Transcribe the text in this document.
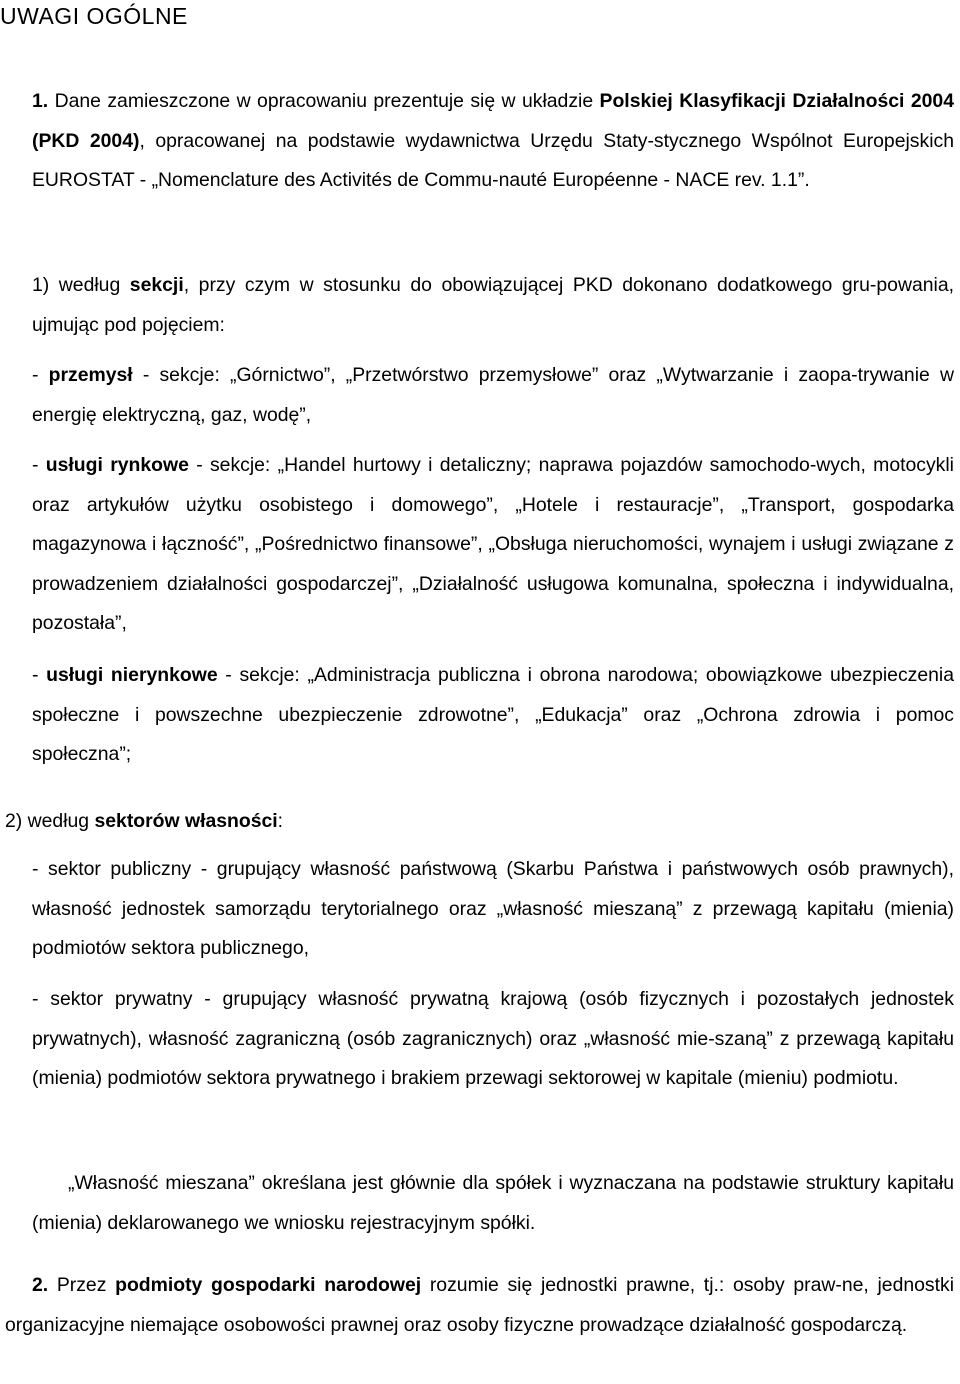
UWAGI OGÓLNE

1. Dane zamieszczone w opracowaniu prezentuje się w układzie Polskiej Klasyfikacji Działalności 2004 (PKD 2004), opracowanej na podstawie wydawnictwa Urzędu Staty-stycznego Wspólnot Europejskich EUROSTAT - „Nomenclature des Activités de Commu-nauté Européenne - NACE rev. 1.1”.

1) według sekcji, przy czym w stosunku do obowiązującej PKD dokonano dodatkowego gru-powania, ujmując pod pojęciem:

- przemysł - sekcje: „Górnictwo”, „Przetwórstwo przemysłowe” oraz „Wytwarzanie i zaopa-trywanie w energię elektryczną, gaz, wodę”,

- usługi rynkowe - sekcje: „Handel hurtowy i detaliczny; naprawa pojazdów samochodo-wych, motocykli oraz artykułów użytku osobistego i domowego”, „Hotele i restauracje”, „Transport, gospodarka magazynowa i łączność”, „Pośrednictwo finansowe”, „Obsługa nieruchomości, wynajem i usługi związane z prowadzeniem działalności gospodarczej”, „Działalność usługowa komunalna, społeczna i indywidualna, pozostała”,

- usługi nierynkowe - sekcje: „Administracja publiczna i obrona narodowa; obowiązkowe ubezpieczenia społeczne i powszechne ubezpieczenie zdrowotne”, „Edukacja” oraz „Ochrona zdrowia i pomoc społeczna”;

2) według sektorów własności:

- sektor publiczny - grupujący własność państwową (Skarbu Państwa i państwowych osób prawnych), własność jednostek samorządu terytorialnego oraz „własność mieszaną” z przewagą kapitału (mienia) podmiotów sektora publicznego,

- sektor prywatny - grupujący własność prywatną krajową (osób fizycznych i pozostałych jednostek prywatnych), własność zagraniczną (osób zagranicznych) oraz „własność mie-szaną” z przewagą kapitału (mienia) podmiotów sektora prywatnego i brakiem przewagi sektorowej w kapitale (mieniu) podmiotu.

„Własność mieszana” określana jest głównie dla spółek i wyznaczana na podstawie struktury kapitału (mienia) deklarowanego we wniosku rejestracyjnym spółki.

2. Przez podmioty gospodarki narodowej rozumie się jednostki prawne, tj.: osoby praw-ne, jednostki organizacyjne niemające osobowości prawnej oraz osoby fizyczne prowadzące działalność gospodarczą.
